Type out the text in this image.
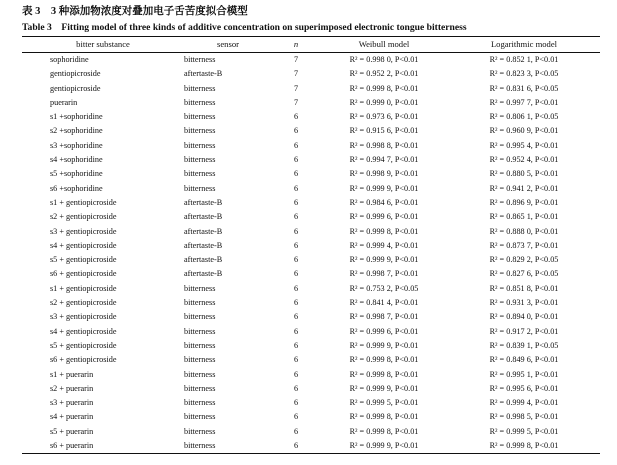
表 3　3 种添加物浓度对叠加电子舌苦度拟合模型
Table 3　Fitting model of three kinds of additive concentration on superimposed electronic tongue bitterness
bitter substance	sensor	n	Weibull model	Logarithmic model
sophoridine	bitterness	7	R² = 0.998 0, P<0.01	R² = 0.852 1, P<0.01
gentiopicroside	aftertaste-B	7	R² = 0.952 2, P<0.01	R² = 0.823 3, P<0.05
gentiopicroside	bitterness	7	R² = 0.999 8, P<0.01	R² = 0.831 6, P<0.05
puerarin	bitterness	7	R² = 0.999 0, P<0.01	R² = 0.997 7, P<0.01
s1 +sophoridine	bitterness	6	R² = 0.973 6, P<0.01	R² = 0.806 1, P<0.05
s2 +sophoridine	bitterness	6	R² = 0.915 6, P<0.01	R² = 0.960 9, P<0.01
s3 +sophoridine	bitterness	6	R² = 0.998 8, P<0.01	R² = 0.995 4, P<0.01
s4 +sophoridine	bitterness	6	R² = 0.994 7, P<0.01	R² = 0.952 4, P<0.01
s5 +sophoridine	bitterness	6	R² = 0.998 9, P<0.01	R² = 0.880 5, P<0.01
s6 +sophoridine	bitterness	6	R² = 0.999 9, P<0.01	R² = 0.941 2, P<0.01
s1 + gentiopicroside	aftertaste-B	6	R² = 0.984 6, P<0.01	R² = 0.896 9, P<0.01
s2 + gentiopicroside	aftertaste-B	6	R² = 0.999 6, P<0.01	R² = 0.865 1, P<0.01
s3 + gentiopicroside	aftertaste-B	6	R² = 0.999 8, P<0.01	R² = 0.888 0, P<0.01
s4 + gentiopicroside	aftertaste-B	6	R² = 0.999 4, P<0.01	R² = 0.873 7, P<0.01
s5 + gentiopicroside	aftertaste-B	6	R² = 0.999 9, P<0.01	R² = 0.829 2, P<0.05
s6 + gentiopicroside	aftertaste-B	6	R² = 0.998 7, P<0.01	R² = 0.827 6, P<0.05
s1 + gentiopicroside	bitterness	6	R² = 0.753 2, P<0.05	R² = 0.851 8, P<0.01
s2 + gentiopicroside	bitterness	6	R² = 0.841 4, P<0.01	R² = 0.931 3, P<0.01
s3 + gentiopicroside	bitterness	6	R² = 0.998 7, P<0.01	R² = 0.894 0, P<0.01
s4 + gentiopicroside	bitterness	6	R² = 0.999 6, P<0.01	R² = 0.917 2, P<0.01
s5 + gentiopicroside	bitterness	6	R² = 0.999 9, P<0.01	R² = 0.839 1, P<0.05
s6 + gentiopicroside	bitterness	6	R² = 0.999 8, P<0.01	R² = 0.849 6, P<0.01
s1 + puerarin	bitterness	6	R² = 0.999 8, P<0.01	R² = 0.995 1, P<0.01
s2 + puerarin	bitterness	6	R² = 0.999 9, P<0.01	R² = 0.995 6, P<0.01
s3 + puerarin	bitterness	6	R² = 0.999 5, P<0.01	R² = 0.999 4, P<0.01
s4 + puerarin	bitterness	6	R² = 0.999 8, P<0.01	R² = 0.998 5, P<0.01
s5 + puerarin	bitterness	6	R² = 0.999 8, P<0.01	R² = 0.999 5, P<0.01
s6 + puerarin	bitterness	6	R² = 0.999 9, P<0.01	R² = 0.999 8, P<0.01
